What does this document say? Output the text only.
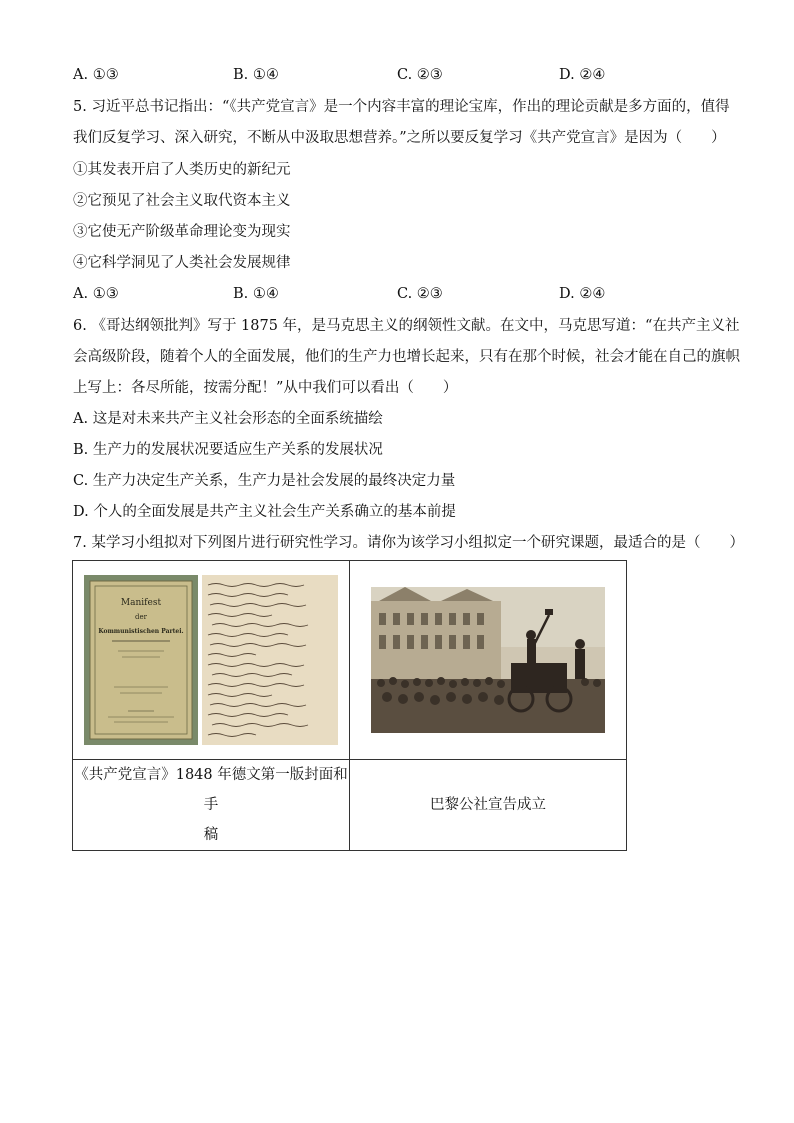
A. ①③	B. ①④	C. ②③	D. ②④
5. 习近平总书记指出：“《共产党宣言》是一个内容丰富的理论宝库，作出的理论贡献是多方面的，值得
我们反复学习、深入研究，不断从中汲取思想营养。”之所以要反复学习《共产党宣言》是因为（　　）
①其发表开启了人类历史的新纪元
②它预见了社会主义取代资本主义
③它使无产阶级革命理论变为现实
④它科学洞见了人类社会发展规律
A. ①③	B. ①④	C. ②③	D. ②④
6. 《哥达纲领批判》写于 1875 年，是马克思主义的纲领性文献。在文中，马克思写道：“在共产主义社
会高级阶段，随着个人的全面发展，他们的生产力也增长起来，只有在那个时候，社会才能在自己的旗帜
上写上：各尽所能，按需分配！”从中我们可以看出（　　）
A. 这是对未来共产主义社会形态的全面系统描绘
B. 生产力的发展状况要适应生产关系的发展状况
C. 生产力决定生产关系，生产力是社会发展的最终决定力量
D. 个人的全面发展是共产主义社会生产关系确立的基本前提
7. 某学习小组拟对下列图片进行研究性学习。请你为该学习小组拟定一个研究课题，最适合的是（　　）
Manifest
der
Kommunistischen Partei.

《共产党宣言》1848 年德文第一版封面和手
稿	巴黎公社宣告成立
